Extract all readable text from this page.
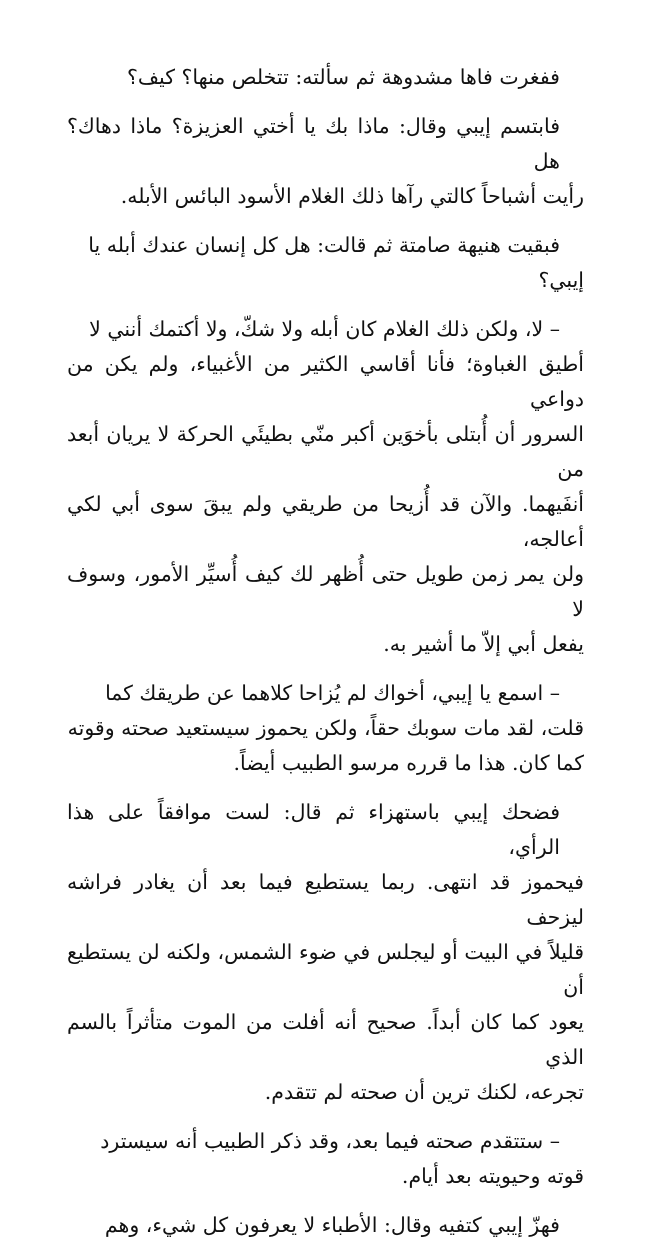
ففغرت فاها مشدوهة ثم سألته: تتخلص منها؟ كيف؟

فابتسم إيبي وقال: ماذا بك يا أختي العزيزة؟ ماذا دهاك؟ هل
رأيت أشباحاً كالتي رآها ذلك الغلام الأسود البائس الأبله.

فبقيت هنيهة صامتة ثم قالت: هل كل إنسان عندك أبله يا
إيبي؟

– لا، ولكن ذلك الغلام كان أبله ولا شكّ، ولا أكتمك أنني لا
أطيق الغباوة؛ فأنا أقاسي الكثير من الأغبياء، ولم يكن من دواعي
السرور أن أُبتلى بأخوَين أكبر منّي بطيئَي الحركة لا يريان أبعد من
أنفَيهما. والآن قد أُزيحا من طريقي ولم يبقَ سوى أبي لكي أعالجه،
ولن يمر زمن طويل حتى أُظهر لك كيف أُسيِّر الأمور، وسوف لا
يفعل أبي إلاّ ما أشير به.

– اسمع يا إيبي، أخواك لم يُزاحا كلاهما عن طريقك كما
قلت، لقد مات سوبك حقاً، ولكن يحموز سيستعيد صحته وقوته
كما كان. هذا ما قرره مرسو الطبيب أيضاً.

فضحك إيبي باستهزاء ثم قال: لست موافقاً على هذا الرأي،
فيحموز قد انتهى. ربما يستطيع فيما بعد أن يغادر فراشه ليزحف
قليلاً في البيت أو ليجلس في ضوء الشمس، ولكنه لن يستطيع أن
يعود كما كان أبداً. صحيح أنه أفلت من الموت متأثراً بالسم الذي
تجرعه، لكنك ترين أن صحته لم تتقدم.

– ستتقدم صحته فيما بعد، وقد ذكر الطبيب أنه سيسترد
قوته وحيويته بعد أيام.

فهزّ إيبي كتفيه وقال: الأطباء لا يعرفون كل شيء، وهم
